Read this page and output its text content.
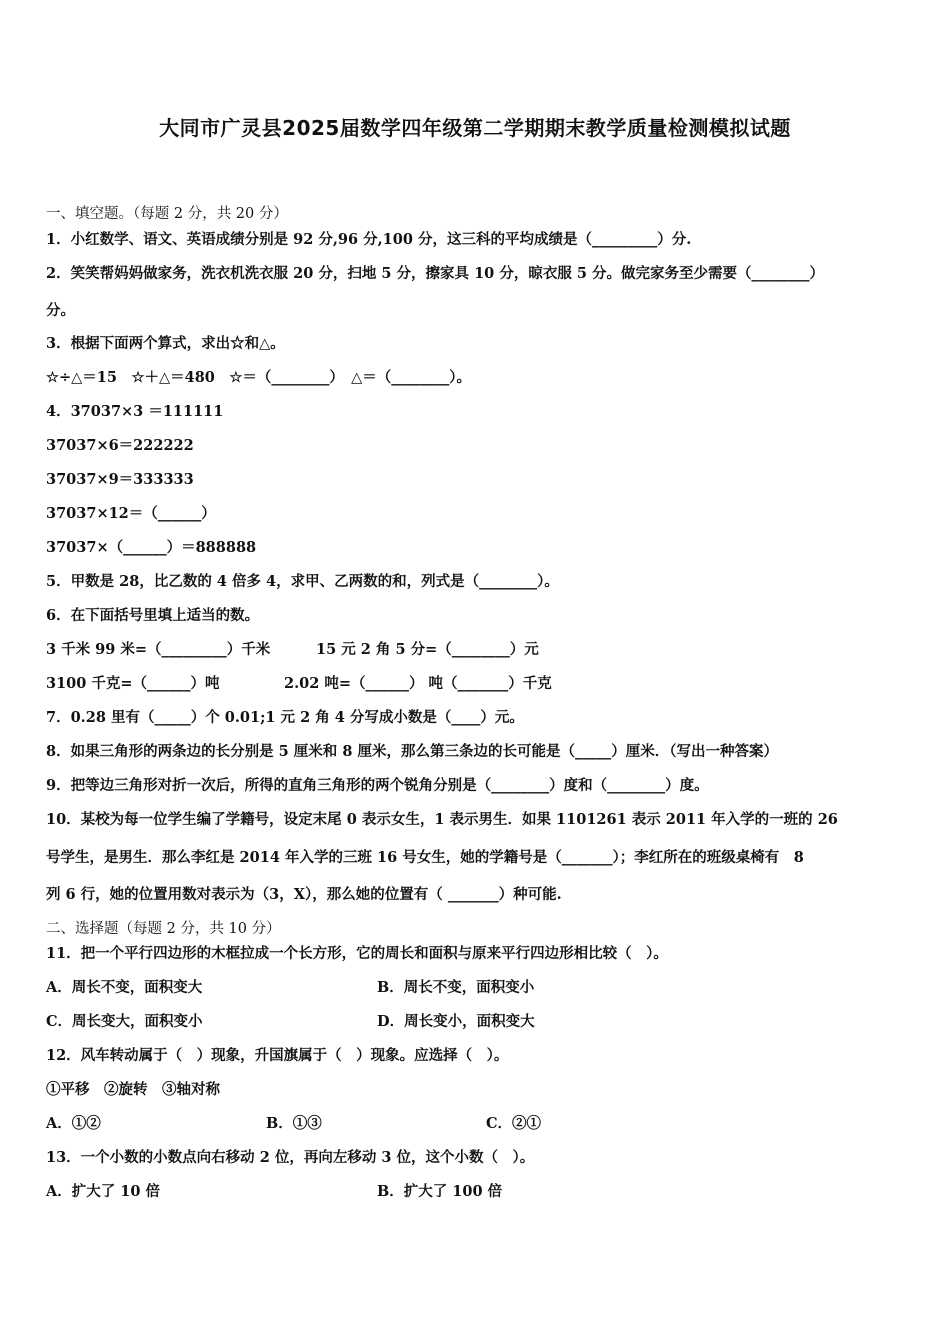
大同市广灵县2025届数学四年级第二学期期末教学质量检测模拟试题
一、填空题。（每题 2 分，共 20 分）
1．小红数学、语文、英语成绩分别是 92 分,96 分,100 分，这三科的平均成绩是（_________）分.
2．笑笑帮妈妈做家务，洗衣机洗衣服 20 分，扫地 5 分，擦家具 10 分，晾衣服 5 分。做完家务至少需要（________）
分。
3．根据下面两个算式，求出☆和△。
☆÷△＝15　☆＋△＝480　☆＝（________）　△＝（________）。
4．37037×3 ＝111111
37037×6＝222222
37037×9＝333333
37037×12＝（______）
37037×（______）＝888888
5．甲数是 28，比乙数的 4 倍多 4，求甲、乙两数的和，列式是（________）。
6．在下面括号里填上适当的数。
3 千米 99 米=（_________）千米	15 元 2 角 5 分=（________）元
3100 千克=（______）吨	2.02 吨=（______） 吨（_______）千克
7．0.28 里有（_____）个 0.01;1 元 2 角 4 分写成小数是（____）元。
8．如果三角形的两条边的长分别是 5 厘米和 8 厘米，那么第三条边的长可能是（_____）厘米．（写出一种答案）
9．把等边三角形对折一次后，所得的直角三角形的两个锐角分别是（________）度和（________）度。
10．某校为每一位学生编了学籍号，设定末尾 0 表示女生，1 表示男生．如果 1101261 表示 2011 年入学的一班的 26
号学生，是男生．那么李红是 2014 年入学的三班 16 号女生，她的学籍号是（_______）；李红所在的班级桌椅有　8
列 6 行，她的位置用数对表示为（3，X），那么她的位置有（ _______）种可能.
二、选择题（每题 2 分，共 10 分）
11．把一个平行四边形的木框拉成一个长方形，它的周长和面积与原来平行四边形相比较（　）。
A．周长不变，面积变大	B．周长不变，面积变小
C．周长变大，面积变小	D．周长变小，面积变大
12．风车转动属于（　）现象，升国旗属于（　）现象。应选择（　）。
①平移　②旋转　③轴对称
A．①②	B．①③	C．②①
13．一个小数的小数点向右移动 2 位，再向左移动 3 位，这个小数（　）。
A．扩大了 10 倍	B．扩大了 100 倍
